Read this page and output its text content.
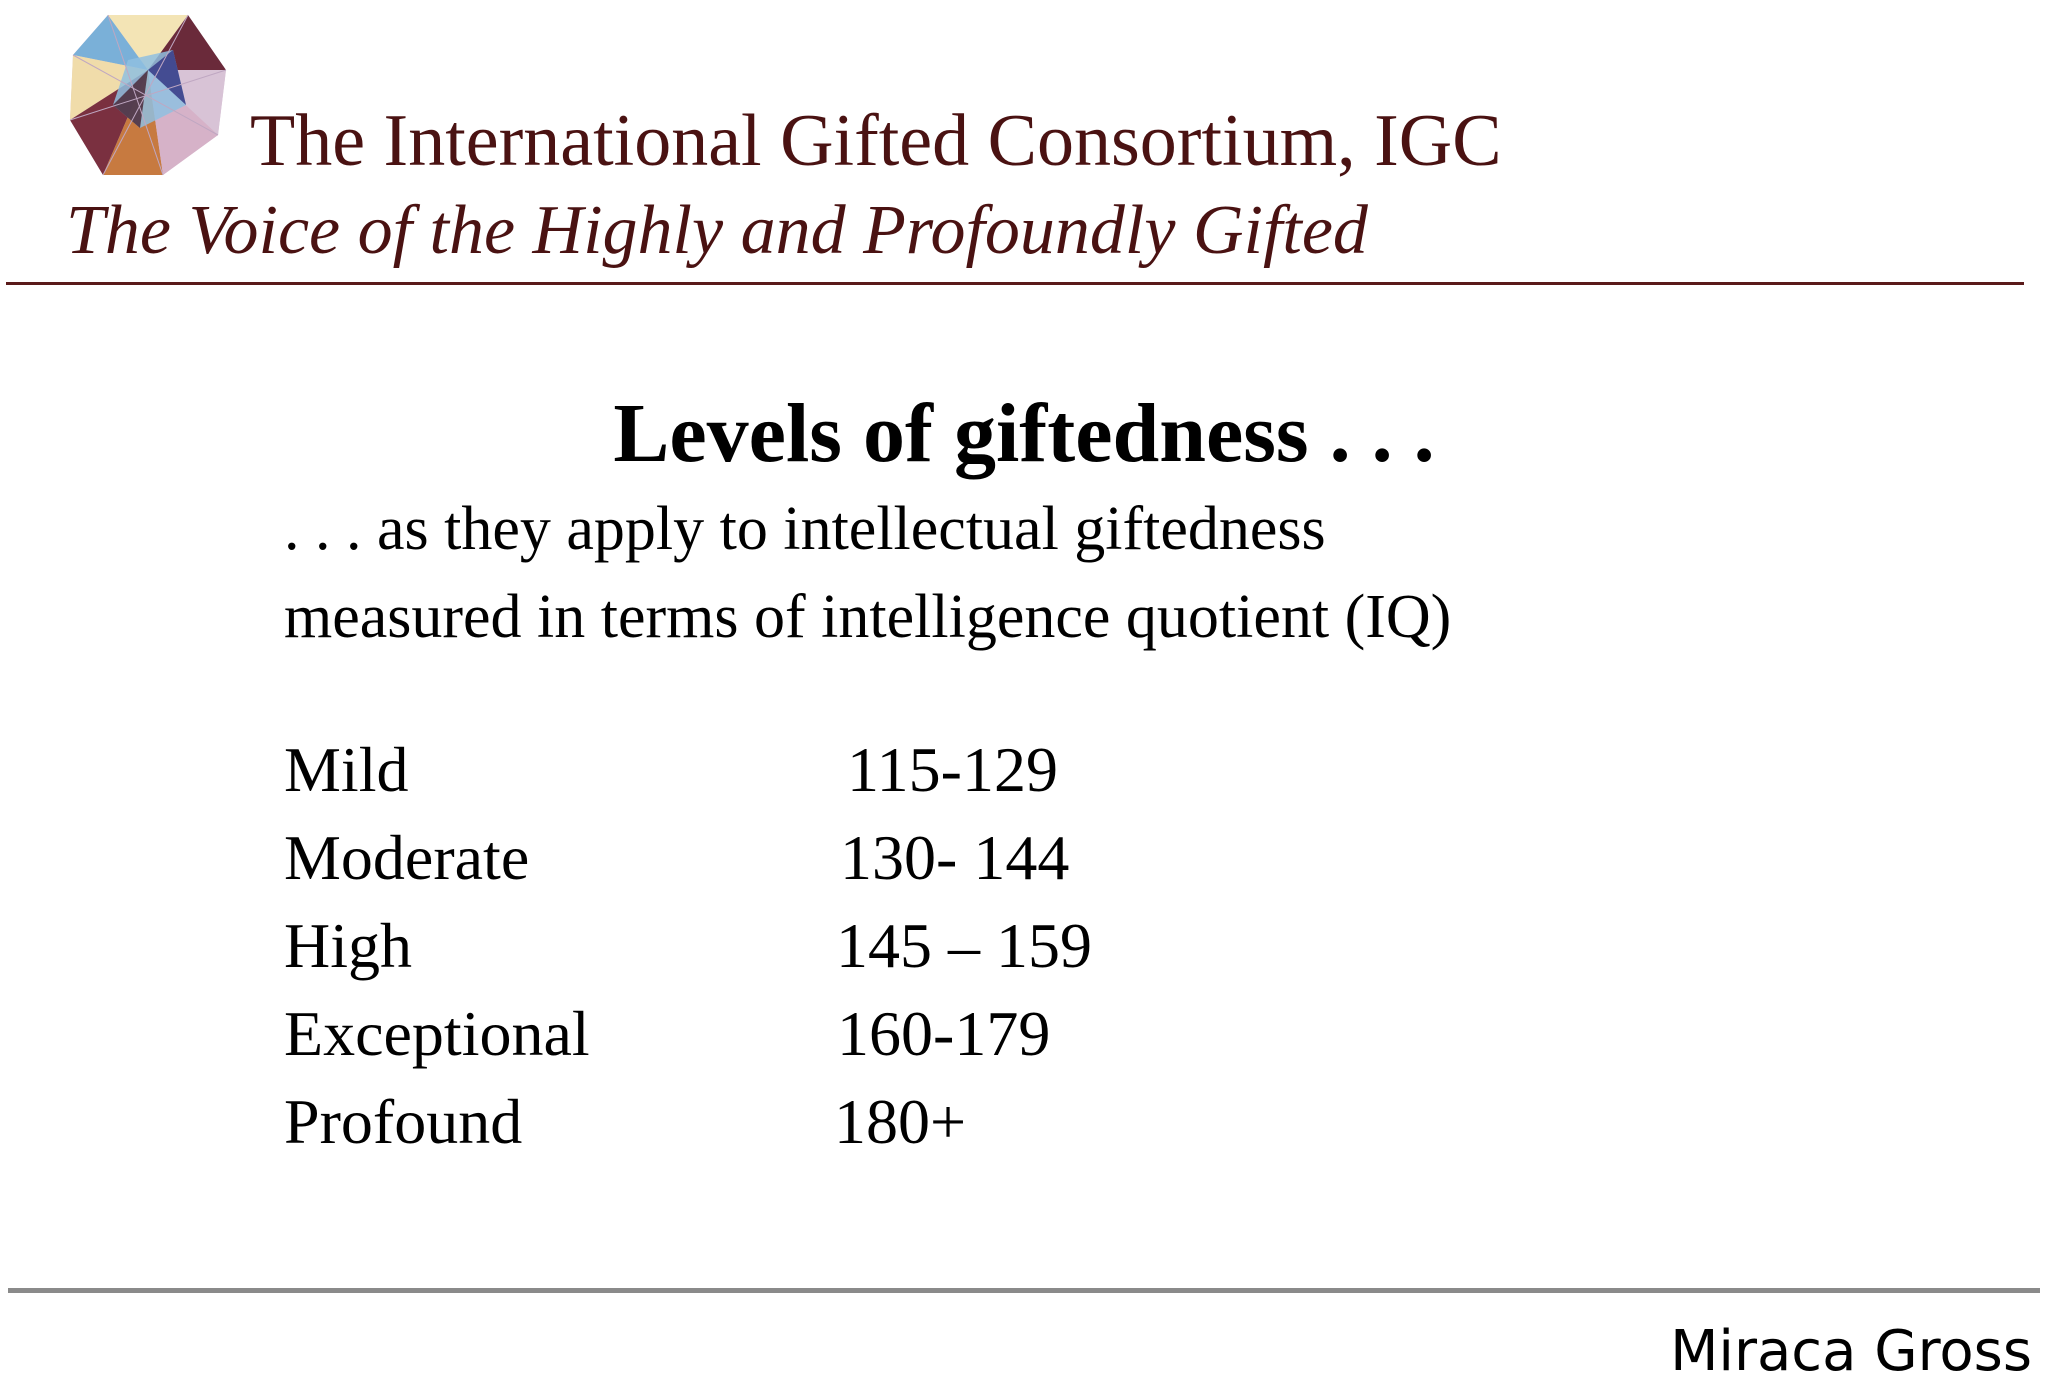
The International Gifted Consortium, IGC
The Voice of the Highly and Profoundly Gifted
Levels of giftedness . . .
. . . as they apply to intellectual giftedness
measured in terms of intelligence quotient (IQ)
Mild	115-129
Moderate	130- 144
High	145 – 159
Exceptional	160-179
Profound	180+
Miraca Gross
